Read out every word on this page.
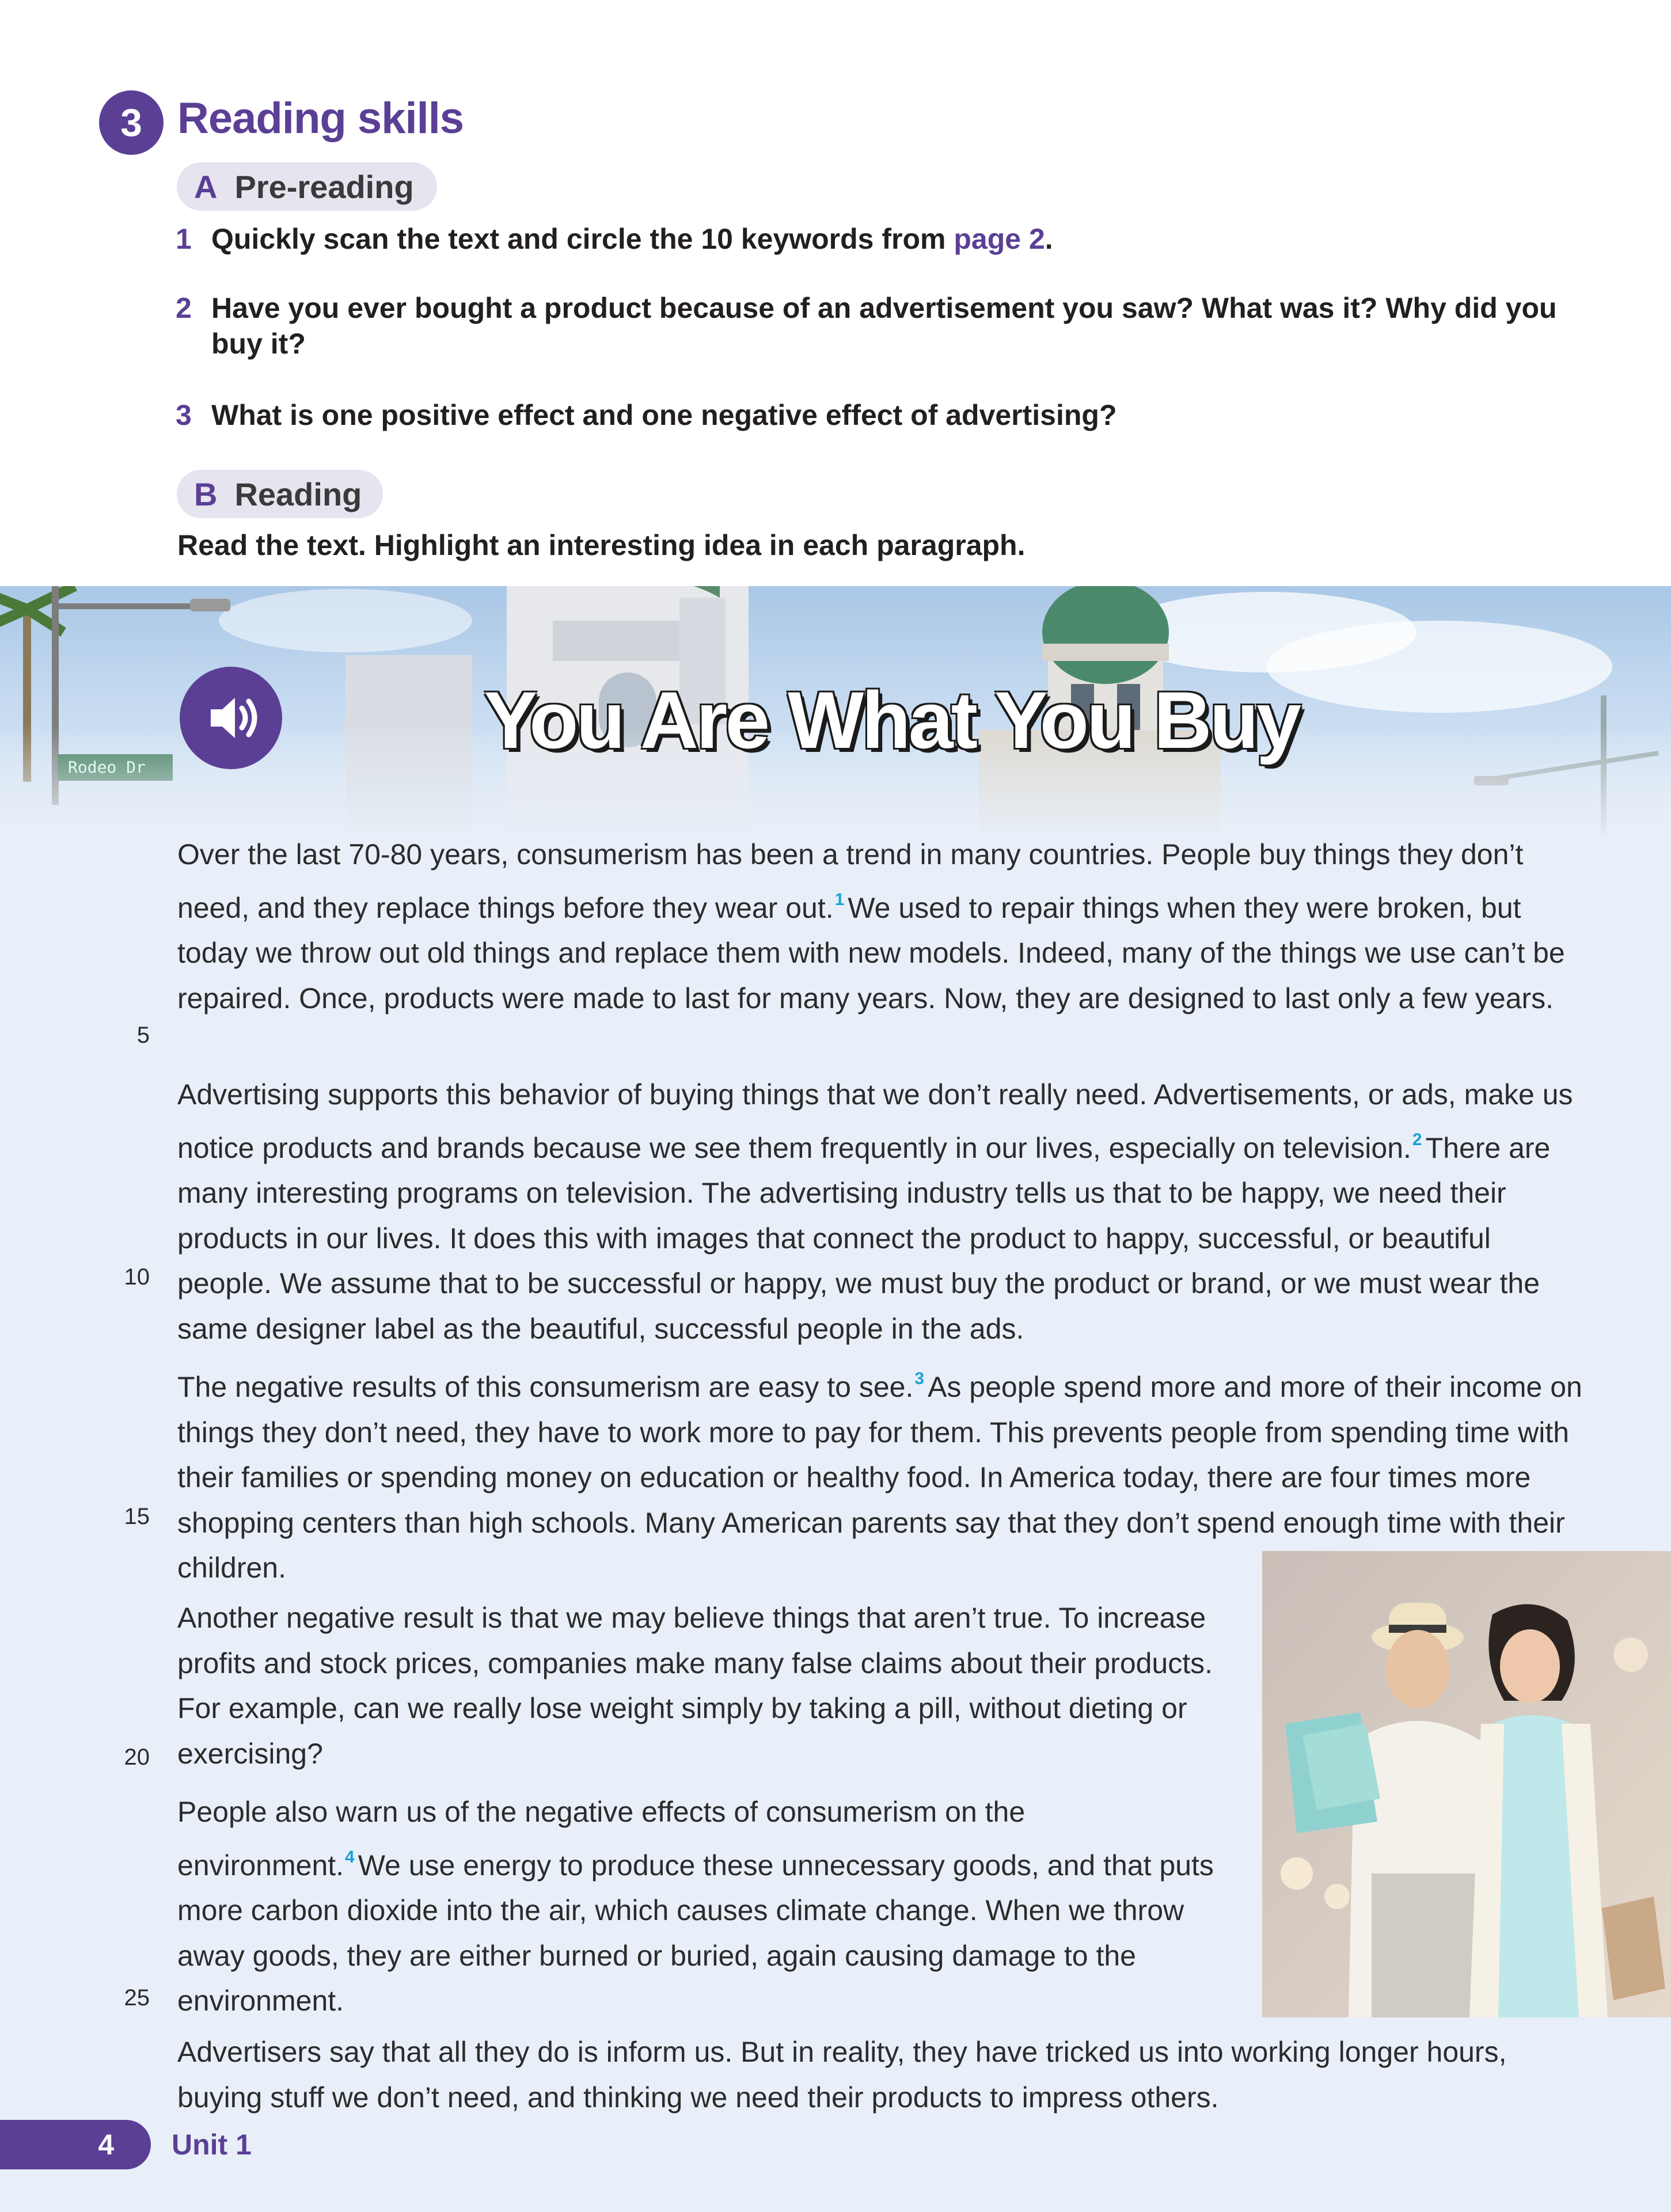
3 Reading skills
A Pre-reading
1 Quickly scan the text and circle the 10 keywords from page 2.
2 Have you ever bought a product because of an advertisement you saw? What was it? Why did you buy it?
3 What is one positive effect and one negative effect of advertising?
B Reading
Read the text. Highlight an interesting idea in each paragraph.
You Are What You Buy
Over the last 70-80 years, consumerism has been a trend in many countries. People buy things they don’t need, and they replace things before they wear out.$^1$ We used to repair things when they were broken, but today we throw out old things and replace them with new models. Indeed, many of the things we use can’t be repaired. Once, products were made to last for many years. Now, they are designed to last only a few years.
Advertising supports this behavior of buying things that we don’t really need. Advertisements, or ads, make us notice products and brands because we see them frequently in our lives, especially on television.$^2$ There are many interesting programs on television. The advertising industry tells us that to be happy, we need their products in our lives. It does this with images that connect the product to happy, successful, or beautiful people. We assume that to be successful or happy, we must buy the product or brand, or we must wear the same designer label as the beautiful, successful people in the ads.
The negative results of this consumerism are easy to see.$^3$ As people spend more and more of their income on things they don’t need, they have to work more to pay for them. This prevents people from spending time with their families or spending money on education or healthy food. In America today, there are four times more shopping centers than high schools. Many American parents say that they don’t spend enough time with their children.
Another negative result is that we may believe things that aren’t true. To increase profits and stock prices, companies make many false claims about their products. For example, can we really lose weight simply by taking a pill, without dieting or exercising?
People also warn us of the negative effects of consumerism on the environment.$^4$ We use energy to produce these unnecessary goods, and that puts more carbon dioxide into the air, which causes climate change. When we throw away goods, they are either burned or buried, again causing damage to the environment.
Advertisers say that all they do is inform us. But in reality, they have tricked us into working longer hours, buying stuff we don’t need, and thinking we need their products to impress others.
5
10
15
20
25
4	Unit 1
